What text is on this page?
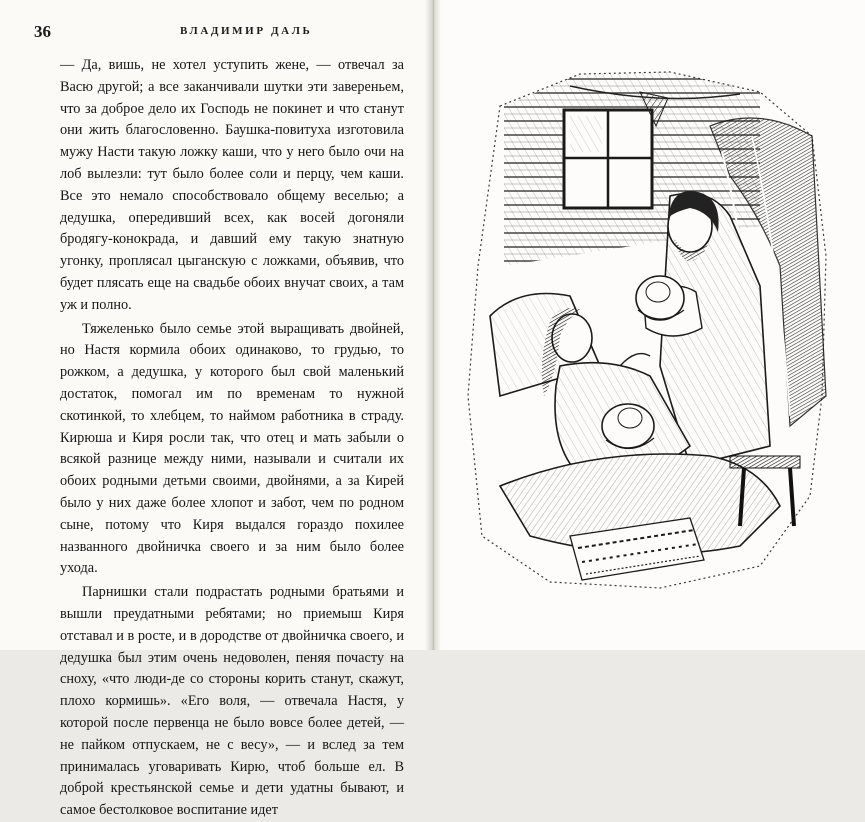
36	ВЛАДИМИР ДАЛЬ

— Да, вишь, не хотел уступить жене, — отвечал за Васю другой; а все заканчивали шутки эти завереньем, что за доброе дело их Господь не покинет и что станут они жить благословенно. Баушка-повитуха изготовила мужу Насти такую ложку каши, что у него было очи на лоб вылезли: тут было более соли и перцу, чем каши. Все это немало способствовало общему веселью; а дедушка, опередивший всех, как восей догоняли бродягу-конокрада, и давший ему такую знатную угонку, проплясал цыганскую с ложками, объявив, что будет плясать еще на свадьбе обоих внучат своих, а там уж и полно.

Тяжеленько было семье этой выращивать двойней, но Настя кормила обоих одинаково, то грудью, то рожком, а дедушка, у которого был свой маленький достаток, помогал им по временам то нужной скотинкой, то хлебцем, то наймом работника в страду. Кирюша и Киря росли так, что отец и мать забыли о всякой разнице между ними, называли и считали их обоих родными детьми своими, двойнями, а за Кирей было у них даже более хлопот и забот, чем по родном сыне, потому что Киря выдался гораздо похилее названного двойничка своего и за ним было более ухода.

Парнишки стали подрастать родными братьями и вышли преудатными ребятами; но приемыш Киря отставал и в росте, и в дородстве от двойничка своего, и дедушка был этим очень недоволен, пеняя почасту на сноху, «что люди-де со стороны корить станут, скажут, плохо кормишь». «Его воля, — отвечала Настя, у которой после первенца не было вовсе более детей, — не пайком отпускаем, не с весу», — и вслед за тем принималась уговаривать Кирю, чтоб больше ел. В доброй крестьянской семье и дети удатны бывают, и самое бестолковое воспитание идет
